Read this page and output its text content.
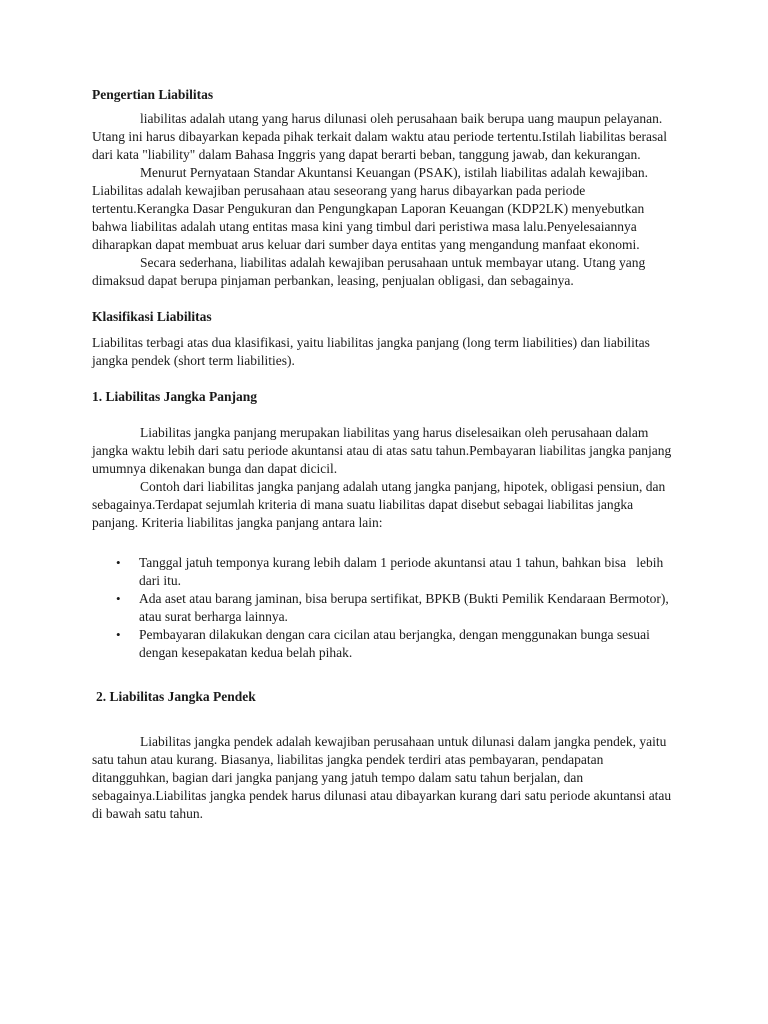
Pengertian Liabilitas

liabilitas adalah utang yang harus dilunasi oleh perusahaan baik berupa uang maupun pelayanan. Utang ini harus dibayarkan kepada pihak terkait dalam waktu atau periode tertentu.Istilah liabilitas berasal dari kata "liability" dalam Bahasa Inggris yang dapat berarti beban, tanggung jawab, dan kekurangan.

Menurut Pernyataan Standar Akuntansi Keuangan (PSAK), istilah liabilitas adalah kewajiban. Liabilitas adalah kewajiban perusahaan atau seseorang yang harus dibayarkan pada periode tertentu.Kerangka Dasar Pengukuran dan Pengungkapan Laporan Keuangan (KDP2LK) menyebutkan bahwa liabilitas adalah utang entitas masa kini yang timbul dari peristiwa masa lalu.Penyelesaiannya diharapkan dapat membuat arus keluar dari sumber daya entitas yang mengandung manfaat ekonomi.

Secara sederhana, liabilitas adalah kewajiban perusahaan untuk membayar utang. Utang yang dimaksud dapat berupa pinjaman perbankan, leasing, penjualan obligasi, dan sebagainya.

Klasifikasi Liabilitas

Liabilitas terbagi atas dua klasifikasi, yaitu liabilitas jangka panjang (long term liabilities) dan liabilitas jangka pendek (short term liabilities).

1. Liabilitas Jangka Panjang

Liabilitas jangka panjang merupakan liabilitas yang harus diselesaikan oleh perusahaan dalam jangka waktu lebih dari satu periode akuntansi atau di atas satu tahun.Pembayaran liabilitas jangka panjang umumnya dikenakan bunga dan dapat dicicil.

Contoh dari liabilitas jangka panjang adalah utang jangka panjang, hipotek, obligasi pensiun, dan sebagainya.Terdapat sejumlah kriteria di mana suatu liabilitas dapat disebut sebagai liabilitas jangka panjang. Kriteria liabilitas jangka panjang antara lain:

• Tanggal jatuh temponya kurang lebih dalam 1 periode akuntansi atau 1 tahun, bahkan bisa   lebih dari itu.
• Ada aset atau barang jaminan, bisa berupa sertifikat, BPKB (Bukti Pemilik Kendaraan Bermotor), atau surat berharga lainnya.
• Pembayaran dilakukan dengan cara cicilan atau berjangka, dengan menggunakan bunga sesuai dengan kesepakatan kedua belah pihak.
2. Liabilitas Jangka Pendek

Liabilitas jangka pendek adalah kewajiban perusahaan untuk dilunasi dalam jangka pendek, yaitu satu tahun atau kurang. Biasanya, liabilitas jangka pendek terdiri atas pembayaran, pendapatan ditangguhkan, bagian dari jangka panjang yang jatuh tempo dalam satu tahun berjalan, dan sebagainya.Liabilitas jangka pendek harus dilunasi atau dibayarkan kurang dari satu periode akuntansi atau di bawah satu tahun.
